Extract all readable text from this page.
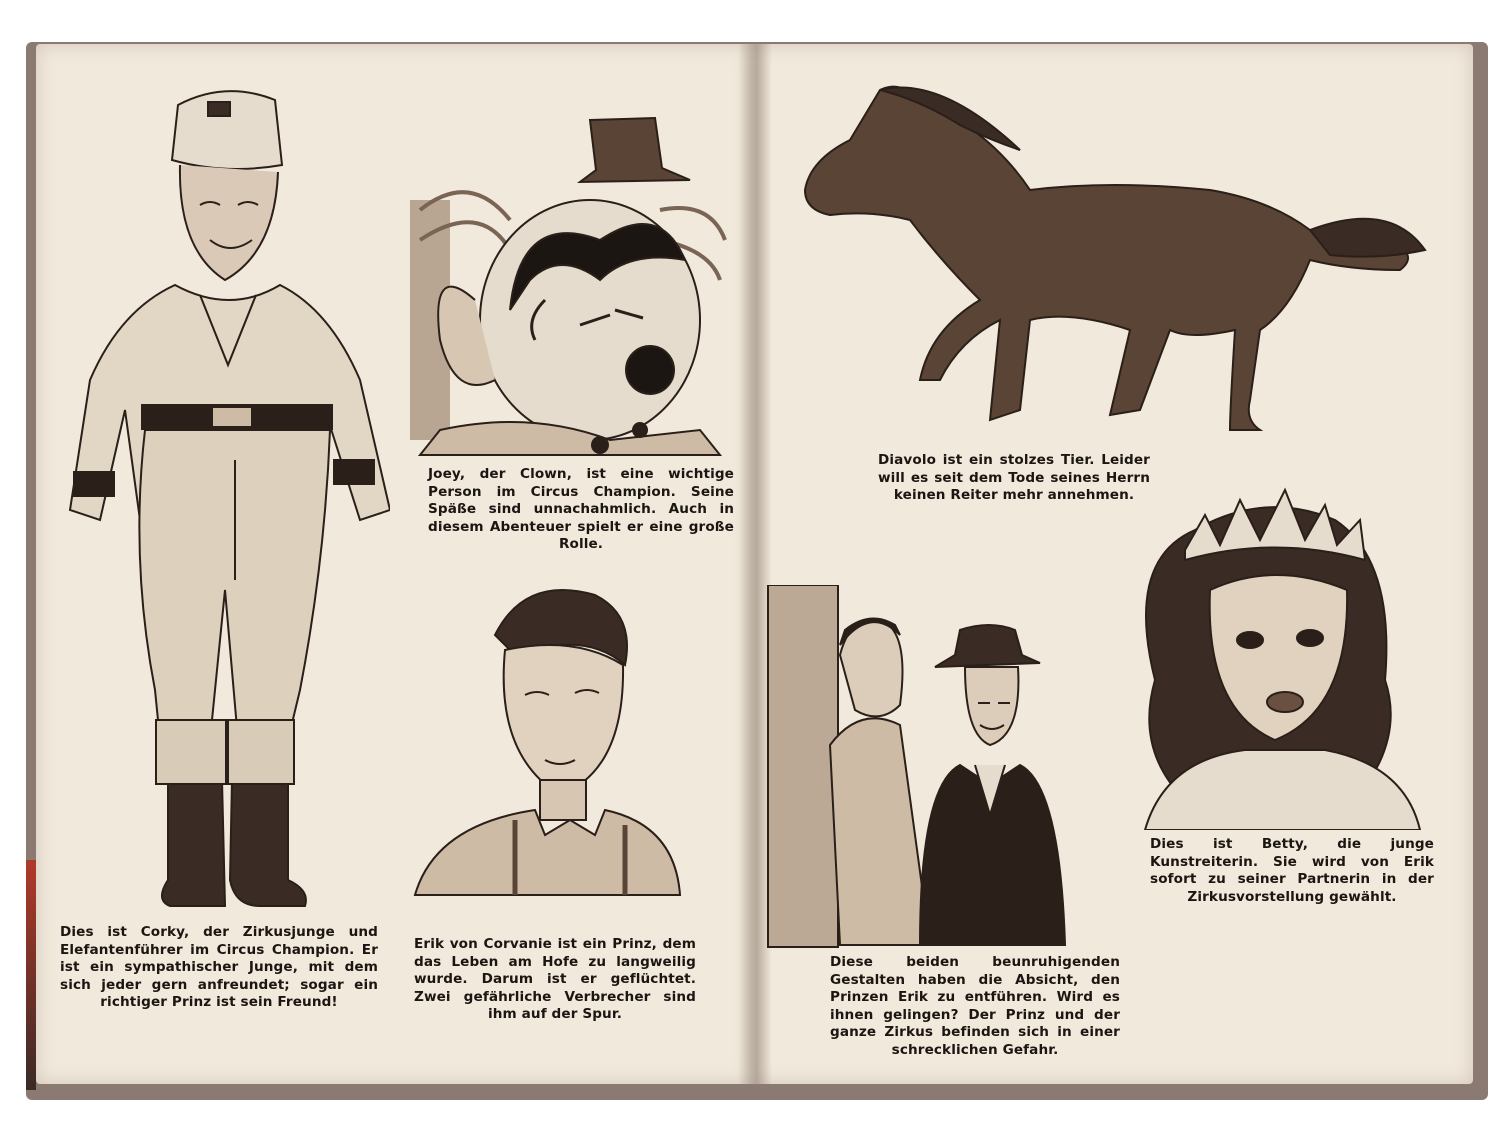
Dies ist Corky, der Zirkusjunge und Elefantenführer im Circus Champion. Er ist ein sympathischer Junge, mit dem sich jeder gern anfreundet; sogar ein richtiger Prinz ist sein Freund!
Joey, der Clown, ist eine wichtige Person im Circus Champion. Seine Späße sind unnachahmlich. Auch in diesem Abenteuer spielt er eine große Rolle.
Erik von Corvanie ist ein Prinz, dem das Leben am Hofe zu langweilig wurde. Darum ist er geflüchtet. Zwei gefährliche Verbrecher sind ihm auf der Spur.
Diavolo ist ein stolzes Tier. Leider will es seit dem Tode seines Herrn keinen Reiter mehr annehmen.
Diese beiden beunruhigenden Gestalten haben die Absicht, den Prinzen Erik zu entführen. Wird es ihnen gelingen? Der Prinz und der ganze Zirkus befinden sich in einer schrecklichen Gefahr.
Dies ist Betty, die junge Kunstreiterin. Sie wird von Erik sofort zu seiner Partnerin in der Zirkusvorstellung gewählt.
